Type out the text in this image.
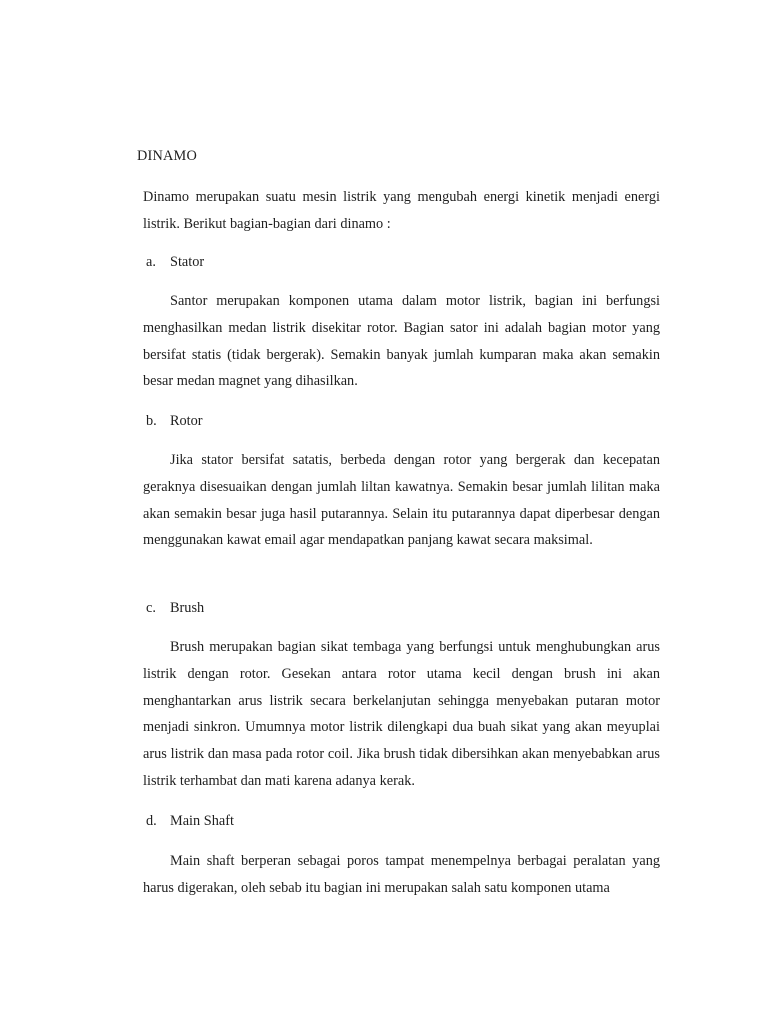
DINAMO

Dinamo merupakan suatu mesin listrik yang mengubah energi kinetik menjadi energi listrik. Berikut bagian-bagian dari dinamo :

a. Stator

Santor merupakan komponen utama dalam motor listrik, bagian ini berfungsi menghasilkan medan listrik disekitar rotor. Bagian sator ini adalah bagian motor yang bersifat statis (tidak bergerak). Semakin banyak jumlah kumparan maka akan semakin besar medan magnet yang dihasilkan.

b. Rotor

Jika stator bersifat satatis, berbeda dengan rotor yang bergerak dan kecepatan geraknya disesuaikan dengan jumlah liltan kawatnya. Semakin besar jumlah lilitan maka akan semakin besar juga hasil putarannya. Selain itu putarannya dapat diperbesar dengan menggunakan kawat email agar mendapatkan panjang kawat secara maksimal.

c. Brush

Brush merupakan bagian sikat tembaga yang berfungsi untuk menghubungkan arus listrik dengan rotor. Gesekan antara rotor utama kecil dengan brush ini akan menghantarkan arus listrik secara berkelanjutan sehingga menyebakan putaran motor menjadi sinkron. Umumnya motor listrik dilengkapi dua buah sikat yang akan meyuplai arus listrik dan masa pada rotor coil. Jika brush tidak dibersihkan akan menyebabkan arus listrik terhambat dan mati karena adanya kerak.

d. Main Shaft

Main shaft berperan sebagai poros tampat menempelnya berbagai peralatan yang harus digerakan, oleh sebab itu bagian ini merupakan salah satu komponen utama
